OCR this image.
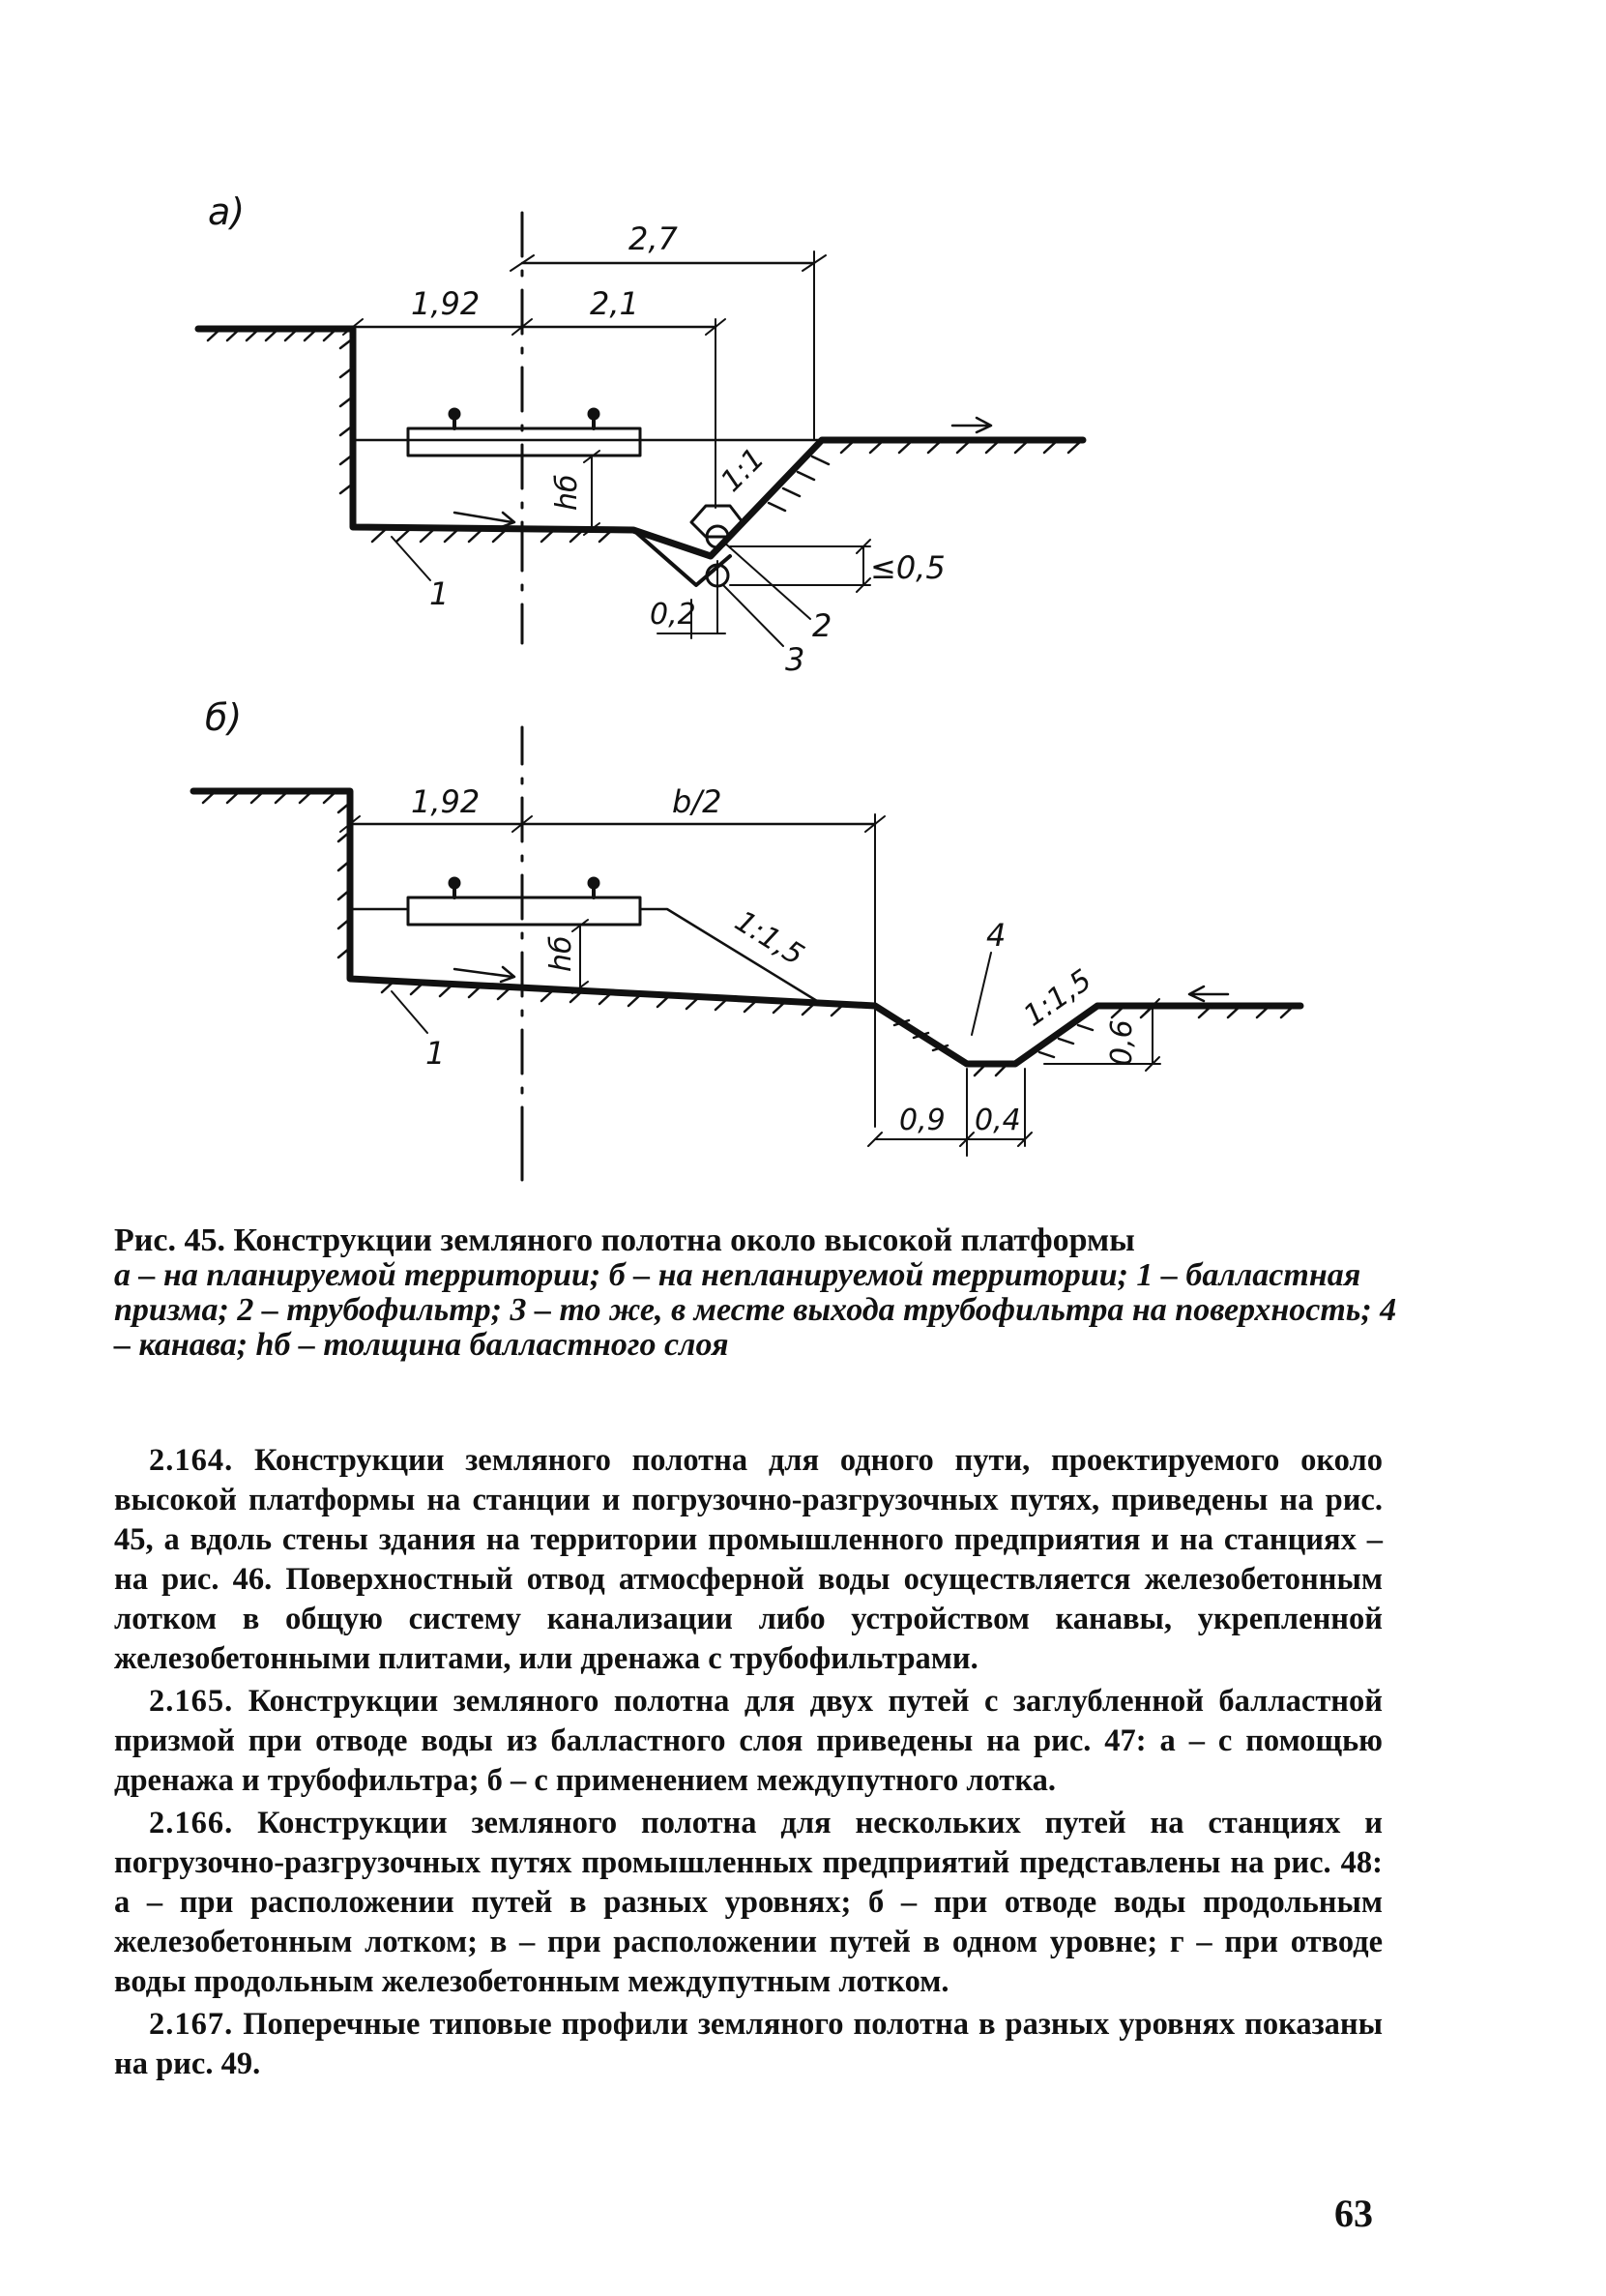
а)
2,7
1,92	2,1
hб	1:1
≤0,5
0,2
1
2
3
б)
1,92	b/2
hб	1:1,5
1:1,5
4
1	0,6
0,9 0,4
Рис. 45. Конструкции земляного полотна около высокой платформы
а – на планируемой территории; б – на непланируемой территории; 1 – балластная призма; 2 – трубофильтр; 3 – то же, в месте выхода трубофильтра на поверхность; 4 – канава; hб – толщина балластного слоя

2.164. Конструкции земляного полотна для одного пути, проектируемого около высокой платформы на станции и погрузочно-разгрузочных путях, приведены на рис. 45, а вдоль стены здания на территории промышленного предприятия и на станциях – на рис. 46. Поверхностный отвод атмосферной воды осуществляется железобетонным лотком в общую систему канализации либо устройством канавы, укрепленной железобетонными плитами, или дренажа с трубофильтрами.

2.165. Конструкции земляного полотна для двух путей с заглубленной балластной призмой при отводе воды из балластного слоя приведены на рис. 47: а – с помощью дренажа и трубофильтра; б – с применением междупутного лотка.

2.166. Конструкции земляного полотна для нескольких путей на станциях и погрузочно-разгрузочных путях промышленных предприятий представлены на рис. 48: а – при расположении путей в разных уровнях; б – при отводе воды продольным железобетонным лотком; в – при расположении путей в одном уровне; г – при отводе воды продольным железобетонным междупутным лотком.

2.167. Поперечные типовые профили земляного полотна в разных уровнях показаны на рис. 49.

63
